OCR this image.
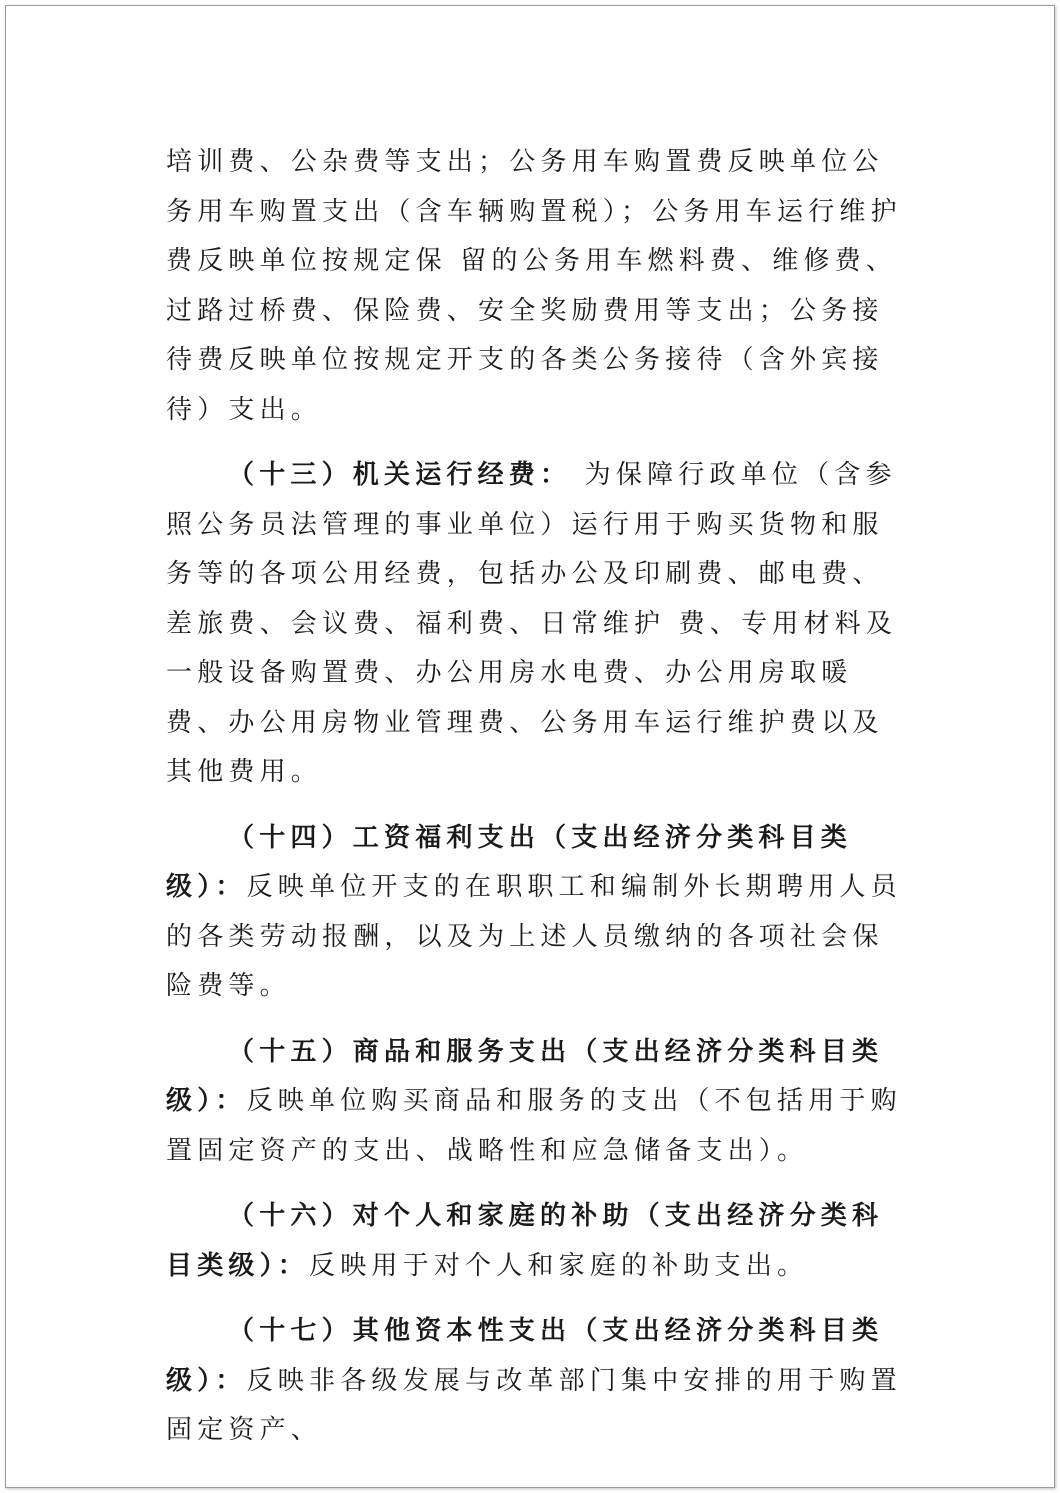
培训费、公杂费等支出；公务用车购置费反映单位公务用车购置支出（含车辆购置税）；公务用车运行维护费反映单位按规定保 留的公务用车燃料费、维修费、过路过桥费、保险费、安全奖励费用等支出；公务接待费反映单位按规定开支的各类公务接待（含外宾接待）支出。

（十三）机关运行经费： 为保障行政单位（含参照公务员法管理的事业单位）运行用于购买货物和服务等的各项公用经费，包括办公及印刷费、邮电费、差旅费、会议费、福利费、日常维护 费、专用材料及一般设备购置费、办公用房水电费、办公用房取暖费、办公用房物业管理费、公务用车运行维护费以及其他费用。

（十四）工资福利支出（支出经济分类科目类级）：反映单位开支的在职职工和编制外长期聘用人员的各类劳动报酬，以及为上述人员缴纳的各项社会保险费等。

（十五）商品和服务支出（支出经济分类科目类级）：反映单位购买商品和服务的支出（不包括用于购置固定资产的支出、战略性和应急储备支出）。

（十六）对个人和家庭的补助（支出经济分类科目类级）：反映用于对个人和家庭的补助支出。

（十七）其他资本性支出（支出经济分类科目类级）：反映非各级发展与改革部门集中安排的用于购置固定资产、
